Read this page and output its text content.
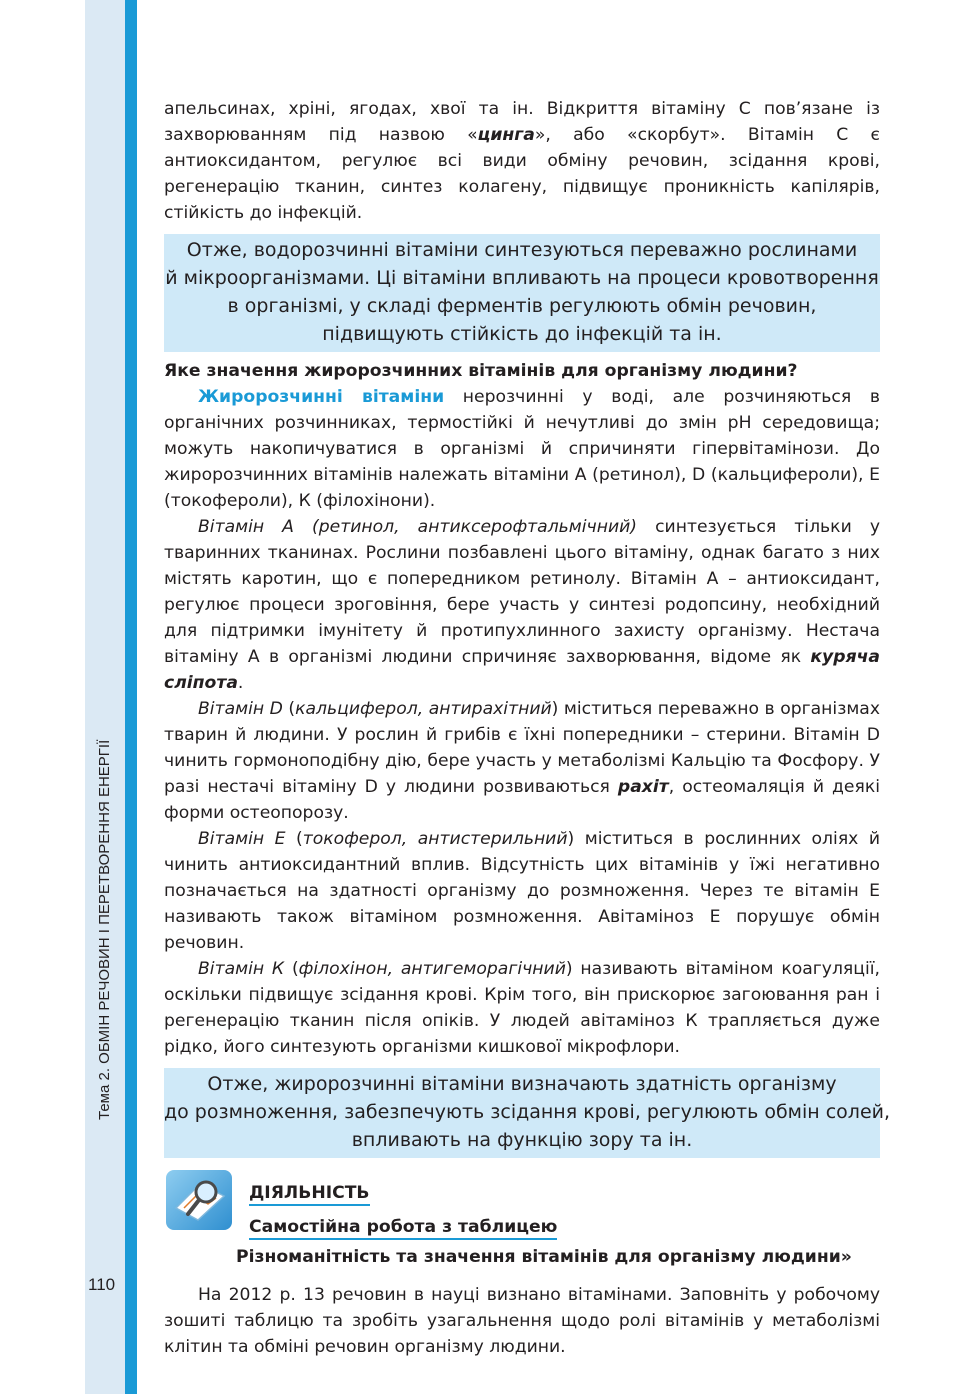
Тема 2. ОБМІН РЕЧОВИН І ПЕРЕТВОРЕННЯ ЕНЕРГІЇ
110

апельсинах, хріні, ягодах, хвої та ін. Відкриття вітаміну С пов’язане із захворюванням під назвою «цинга», або «скорбут». Вітамін С є антиоксидантом, регулює всі види обміну речовин, зсідання крові, регенерацію тканин, синтез колагену, підвищує проникність капілярів, стійкість до інфекцій.

Отже, водорозчинні вітаміни синтезуються переважно рослинами
й мікроорганізмами. Ці вітаміни впливають на процеси кровотворення
в організмі, у складі ферментів регулюють обмін речовин,
підвищують стійкість до інфекцій та ін.
Яке значення жиророзчинних вітамінів для організму людини?

Жиророзчинні вітаміни нерозчинні у воді, але розчиняються в органічних розчинниках, термостійкі й нечутливі до змін рН середовища; можуть накопичуватися в організмі й спричиняти гіпервітамінози. До жиророзчинних вітамінів належать вітаміни А (ретинол), D (кальцифероли), Е (токофероли), К (філохінони).

Вітамін А (ретинол, антиксерофтальмічний) синтезується тільки у тваринних тканинах. Рослини позбавлені цього вітаміну, однак багато з них містять каротин, що є попередником ретинолу. Вітамін А – антиоксидант, регулює процеси зроговіння, бере участь у синтезі родопсину, необхідний для підтримки імунітету й протипухлинного захисту організму. Нестача вітаміну А в організмі людини спричиняє захворювання, відоме як куряча сліпота.

Вітамін D (кальциферол, антирахітний) міститься переважно в організмах тварин й людини. У рослин й грибів є їхні попередники – стерини. Вітамін D чинить гормоноподібну дію, бере участь у метаболізмі Кальцію та Фосфору. У разі нестачі вітаміну D у людини розвиваються рахіт, остеомаляція й деякі форми остеопорозу.

Вітамін Е (токоферол, антистерильний) міститься в рослинних оліях й чинить антиоксидантний вплив. Відсутність цих вітамінів у їжі негативно позначається на здатності організму до розмноження. Через те вітамін Е називають також вітаміном розмноження. Авітаміноз Е порушує обмін речовин.

Вітамін К (філохінон, антигеморагічний) називають вітаміном коагуляції, оскільки підвищує зсідання крові. Крім того, він прискорює загоювання ран і регенерацію тканин після опіків. У людей авітаміноз К трапляється дуже рідко, його синтезують організми кишкової мікрофлори.

Отже, жиророзчинні вітаміни визначають здатність організму
до розмноження, забезпечують зсідання крові, регулюють обмін солей,
впливають на функцію зору та ін.
ДІЯЛЬНІСТЬ
Самостійна робота з таблицею
Різноманітність та значення вітамінів для організму людини»

На 2012 р. 13 речовин в науці визнано вітамінами. Заповніть у робочому зошиті таблицю та зробіть узагальнення щодо ролі вітамінів у метаболізмі клітин та обміні речовин організму людини.
